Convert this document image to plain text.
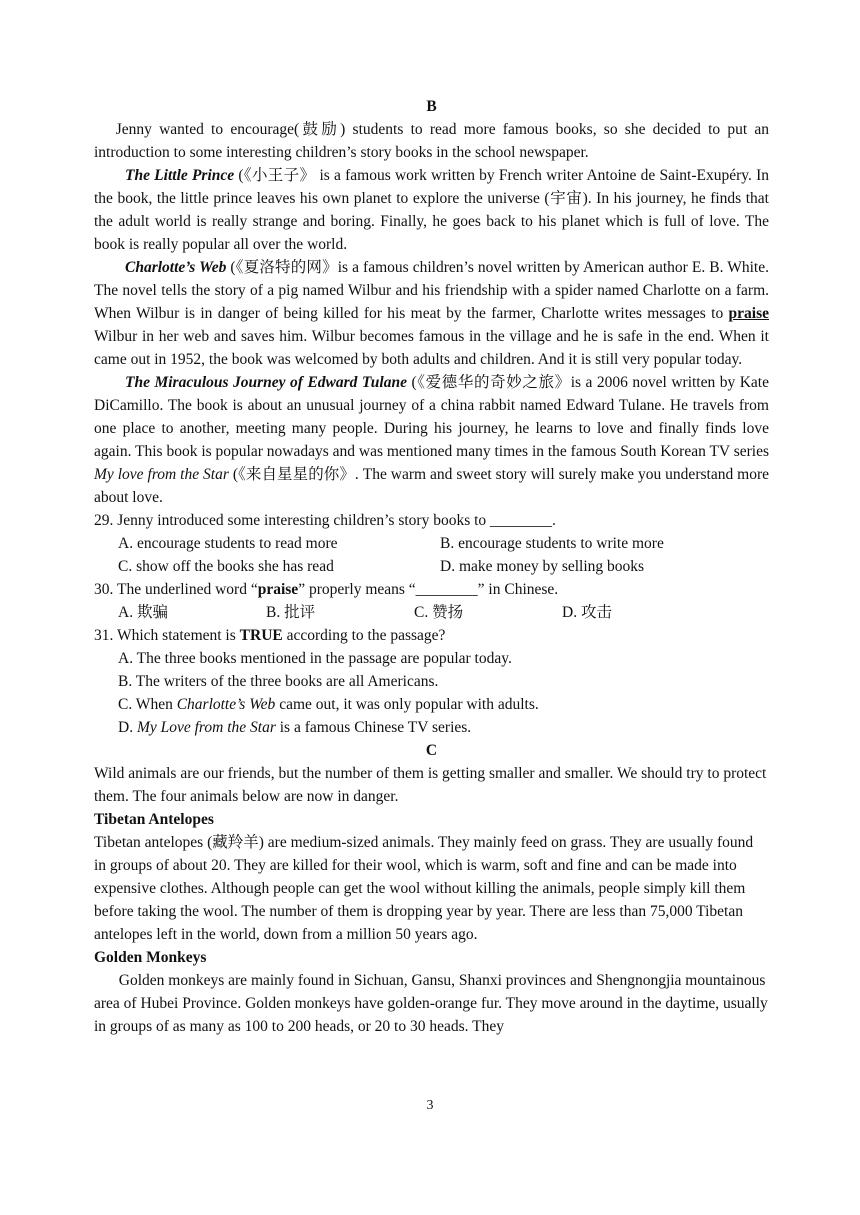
B

Jenny wanted to encourage(鼓励) students to read more famous books, so she decided to put an introduction to some interesting children’s story books in the school newspaper.

The Little Prince (《小王子》 is a famous work written by French writer Antoine de Saint-Exupéry. In the book, the little prince leaves his own planet to explore the universe (宇宙). In his journey, he finds that the adult world is really strange and boring. Finally, he goes back to his planet which is full of love. The book is really popular all over the world.

Charlotte’s Web (《夏洛特的网》is a famous children’s novel written by American author E. B. White. The novel tells the story of a pig named Wilbur and his friendship with a spider named Charlotte on a farm. When Wilbur is in danger of being killed for his meat by the farmer, Charlotte writes messages to praise Wilbur in her web and saves him. Wilbur becomes famous in the village and he is safe in the end. When it came out in 1952, the book was welcomed by both adults and children. And it is still very popular today.

The Miraculous Journey of Edward Tulane (《爱德华的奇妙之旅》is a 2006 novel written by Kate DiCamillo. The book is about an unusual journey of a china rabbit named Edward Tulane. He travels from one place to another, meeting many people. During his journey, he learns to love and finally finds love again. This book is popular nowadays and was mentioned many times in the famous South Korean TV series My love from the Star (《来自星星的你》. The warm and sweet story will surely make you understand more about love.

29. Jenny introduced some interesting children’s story books to ________.

A. encourage students to read more	B. encourage students to write more
C. show off the books she has read	D. make money by selling books

30. The underlined word “praise” properly means “________” in Chinese.

A. 欺骗	B. 批评	C. 赞扬	D. 攻击

31. Which statement is TRUE according to the passage?

A. The three books mentioned in the passage are popular today.
B. The writers of the three books are all Americans.
C. When Charlotte’s Web came out, it was only popular with adults.
D. My Love from the Star is a famous Chinese TV series.
C

Wild animals are our friends, but the number of them is getting smaller and smaller. We should try to protect them. The four animals below are now in danger.

Tibetan Antelopes

Tibetan antelopes (藏羚羊) are medium-sized animals. They mainly feed on grass. They are usually found in groups of about 20. They are killed for their wool, which is warm, soft and fine and can be made into expensive clothes. Although people can get the wool without killing the animals, people simply kill them before taking the wool. The number of them is dropping year by year. There are less than 75,000 Tibetan antelopes left in the world, down from a million 50 years ago.

Golden Monkeys

Golden monkeys are mainly found in Sichuan, Gansu, Shanxi provinces and Shengnongjia mountainous area of Hubei Province. Golden monkeys have golden-orange fur. They move around in the daytime, usually in groups of as many as 100 to 200 heads, or 20 to 30 heads. They

3
